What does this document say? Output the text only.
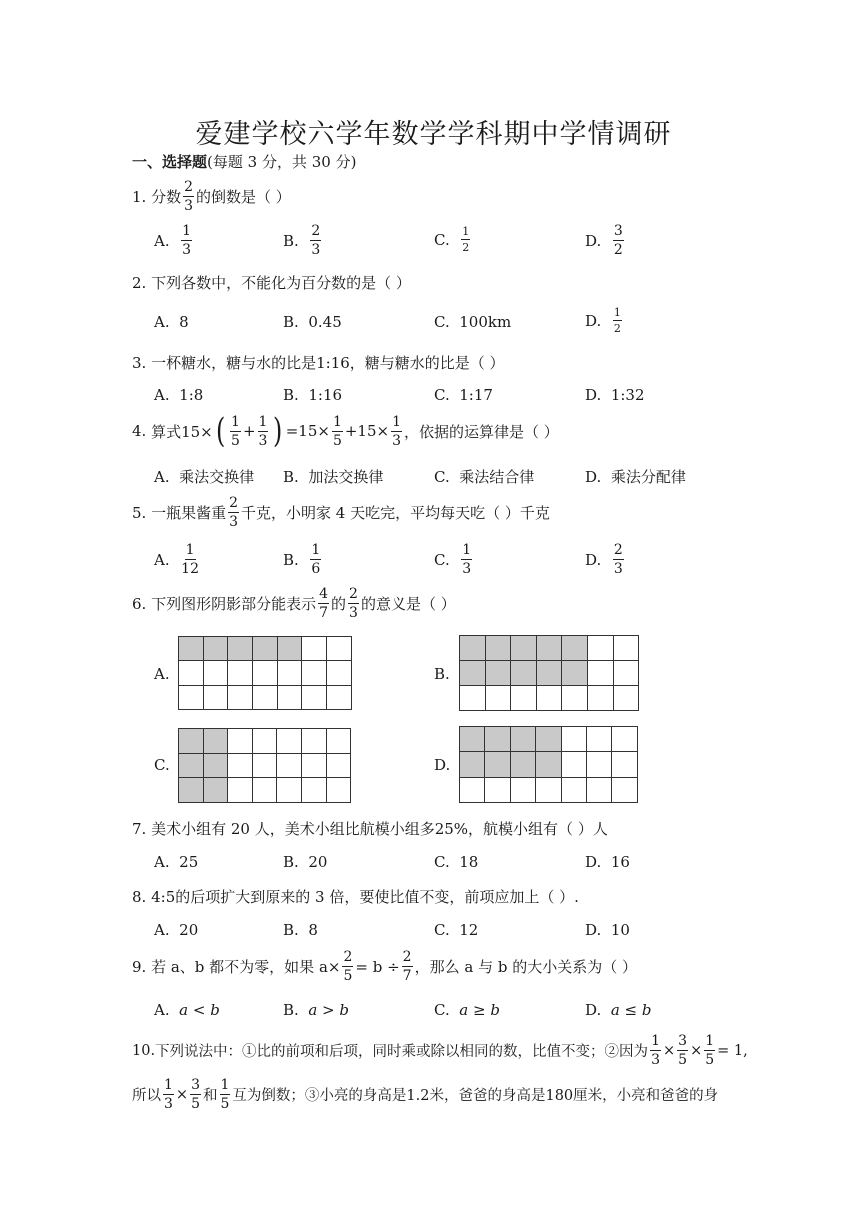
爱建学校六学年数学学科期中学情调研
一、选择题(每题 3 分，共 30 分)
1.
分数 $\frac{2}{3}$ 的倒数是（ ）
A.
$\frac{1}{3}$	B.
$\frac{2}{3}$	C.
$\frac{1}{2}$	D.
$\frac{3}{2}$
2.
下列各数中，不能化为百分数的是（ ）
A.
8	B.
0.45	C.
100km	D.
$\frac{1}{2}$
3.
一杯糖水，糖与水的比是1:16，糖与糖水的比是（ ）
A.
1:8	B.
1:16	C.
1:17	D.
1:32
4.
算式15× ( $\frac{1}{5} + \frac{1}{3}$ ) $=15\times \frac{1}{5} +15\times \frac{1}{3}$ ，依据的运算律是（ ）
A.
乘法交换律 B.
加法交换律	C.
乘法结合律	D.
乘法分配律
5.
一瓶果酱重 $\frac{2}{3}$ 千克，小明家 4 天吃完，平均每天吃（ ）千克
A.
$\frac{1}{12}$	B.
$\frac{1}{6}$	C.
$\frac{1}{3}$	D.
$\frac{2}{3}$
6.
下列图形阴影部分能表示 $\frac{4}{7}$ 的 $\frac{2}{3}$ 的意义是（ ）
A.	B.
C.	D.
7.
美术小组有 20 人，美术小组比航模小组多25%，航模小组有（ ）人
A.
25	B.
20	C.
18	D.
16
8.
4:5的后项扩大到原来的 3 倍，要使比值不变，前项应加上（ ）.
A.
20	B.
8	C.
12	D.
10
9.
若 a、b 都不为零，如果 $a\times \frac{2}{5} = b \div \frac{2}{7}$ ，那么 a 与 b 的大小关系为（ ）
A.
a < b	B.
a > b	C.
a ≥ b	D.
a ≤ b
10. 下列说法中：①比的前项和后项，同时乘或除以相同的数，比值不变；②因为 $\frac{1}{3} \times \frac{3}{5} \times \frac{1}{5} = 1$,
所以 $\frac{1}{3} \times \frac{3}{5}$ 和 $\frac{1}{5}$ 互为倒数；③小亮的身高是1.2米，爸爸的身高是180厘米，小亮和爸爸的身
